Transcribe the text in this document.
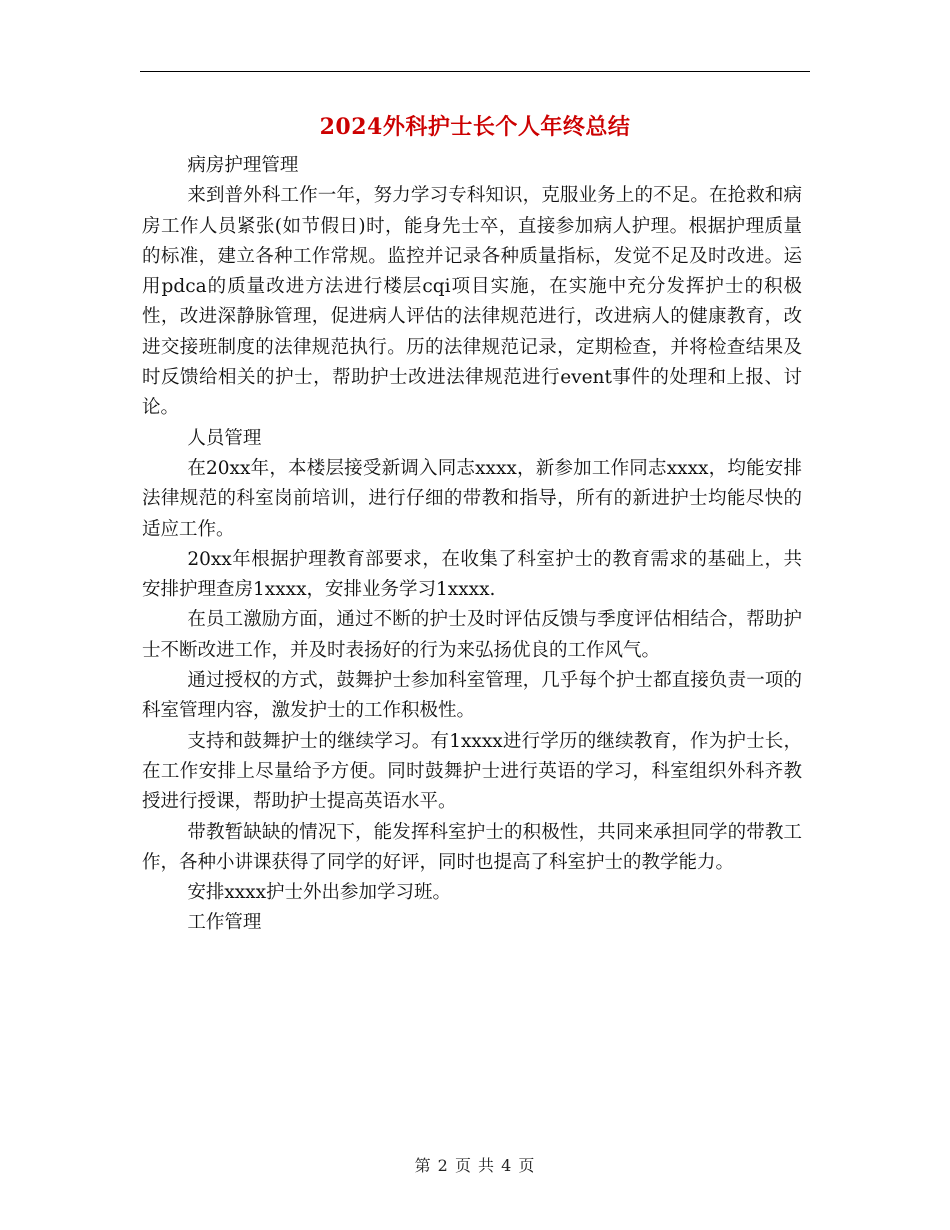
2024外科护士长个人年终总结

病房护理管理

来到普外科工作一年，努力学习专科知识，克服业务上的不足。在抢救和病房工作人员紧张(如节假日)时，能身先士卒，直接参加病人护理。根据护理质量的标准，建立各种工作常规。监控并记录各种质量指标，发觉不足及时改进。运用pdca的质量改进方法进行楼层cqi项目实施，在实施中充分发挥护士的积极性，改进深静脉管理，促进病人评估的法律规范进行，改进病人的健康教育，改进交接班制度的法律规范执行。历的法律规范记录，定期检查，并将检查结果及时反馈给相关的护士，帮助护士改进法律规范进行event事件的处理和上报、讨论。

人员管理

在20xx年，本楼层接受新调入同志xxxx，新参加工作同志xxxx，均能安排法律规范的科室岗前培训，进行仔细的带教和指导，所有的新进护士均能尽快的适应工作。

20xx年根据护理教育部要求，在收集了科室护士的教育需求的基础上，共安排护理查房1xxxx，安排业务学习1xxxx.

在员工激励方面，通过不断的护士及时评估反馈与季度评估相结合，帮助护士不断改进工作，并及时表扬好的行为来弘扬优良的工作风气。

通过授权的方式，鼓舞护士参加科室管理，几乎每个护士都直接负责一项的科室管理内容，激发护士的工作积极性。

支持和鼓舞护士的继续学习。有1xxxx进行学历的继续教育，作为护士长，在工作安排上尽量给予方便。同时鼓舞护士进行英语的学习，科室组织外科齐教授进行授课，帮助护士提高英语水平。

带教暂缺缺的情况下，能发挥科室护士的积极性，共同来承担同学的带教工作，各种小讲课获得了同学的好评，同时也提高了科室护士的教学能力。

安排xxxx护士外出参加学习班。

工作管理

第 2 页 共 4 页
